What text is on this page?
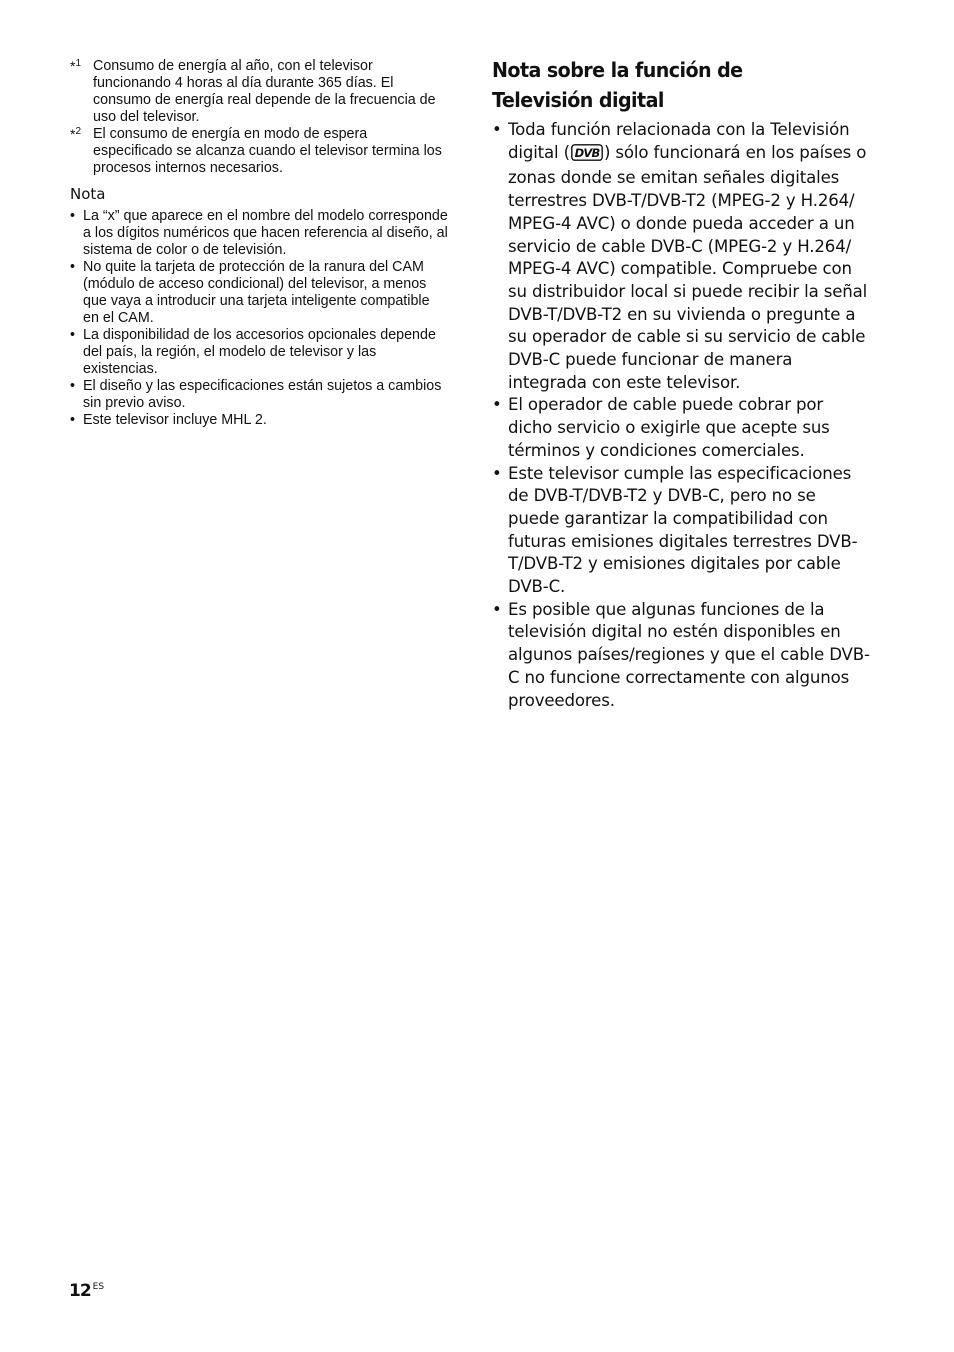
*$^1$ Consumo de energía al año, con el televisor funcionando 4 horas al día durante 365 días. El consumo de energía real depende de la frecuencia de uso del televisor.
*$^2$ El consumo de energía en modo de espera especificado se alcanza cuando el televisor termina los procesos internos necesarios.
Nota
• La “x” que aparece en el nombre del modelo corresponde a los dígitos numéricos que hacen referencia al diseño, al sistema de color o de televisión.
• No quite la tarjeta de protección de la ranura del CAM (módulo de acceso condicional) del televisor, a menos que vaya a introducir una tarjeta inteligente compatible en el CAM.
• La disponibilidad de los accesorios opcionales depende del país, la región, el modelo de televisor y las existencias.
• El diseño y las especificaciones están sujetos a cambios sin previo aviso.
• Este televisor incluye MHL 2.
Nota sobre la función de Televisión digital
• Toda función relacionada con la Televisión digital ( DVB ) sólo funcionará en los países o zonas donde se emitan señales digitales terrestres DVB-T/DVB-T2 (MPEG-2 y H.264/ MPEG-4 AVC) o donde pueda acceder a un servicio de cable DVB-C (MPEG-2 y H.264/ MPEG-4 AVC) compatible. Compruebe con su distribuidor local si puede recibir la señal DVB-T/DVB-T2 en su vivienda o pregunte a su operador de cable si su servicio de cable DVB-C puede funcionar de manera integrada con este televisor.
• El operador de cable puede cobrar por dicho servicio o exigirle que acepte sus términos y condiciones comerciales.
• Este televisor cumple las especificaciones de DVB-T/DVB-T2 y DVB-C, pero no se puede garantizar la compatibilidad con futuras emisiones digitales terrestres DVB-T/DVB-T2 y emisiones digitales por cable DVB-C.
• Es posible que algunas funciones de la televisión digital no estén disponibles en algunos países/regiones y que el cable DVB-C no funcione correctamente con algunos proveedores.
12 $^{ES}$
